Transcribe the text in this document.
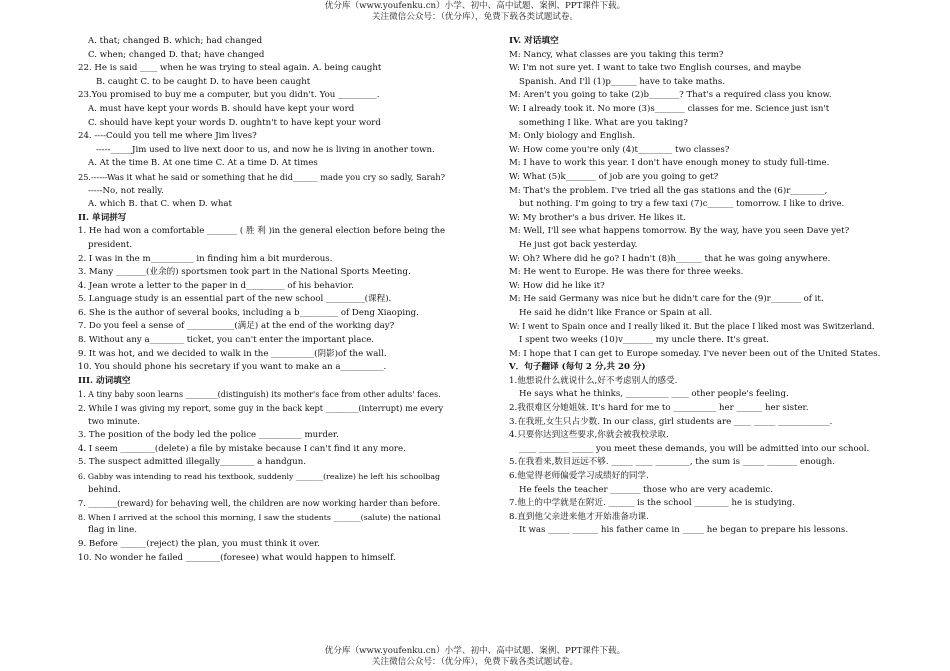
优分库（www.youfenku.cn）小学、初中、高中试题、案例、PPT课件下载。
关注微信公众号：（优分库），免费下载各类试题试卷。
A. that; changed B. which; had changed
C. when; changed D. that; have changed
22. He is said ____ when he was trying to steal again. A. being caught
B. caught C. to be caught D. to have been caught
23.You promised to buy me a computer, but you didn't. You _________.
A. must have kept your words B. should have kept your word
C. should have kept your words D. oughtn't to have kept your word
24. ----Could you tell me where Jim lives?
-----_____Jim used to live next door to us, and now he is living in another town.
A. At the time B. At one time C. At a time D. At times
25.------Was it what he said or something that he did______ made you cry so sadly, Sarah?
-----No, not really.
A. which B. that C. when D. what
II. 单词拼写
1. He had won a comfortable _______ ( 胜 利 )in the general election before being the
president.
2. I was in the m__________ in finding him a bit murderous.
3. Many _______(业余的) sportsmen took part in the National Sports Meeting.
4. Jean wrote a letter to the paper in d_________ of his behavior.
5. Language study is an essential part of the new school _________(课程).
6. She is the author of several books, including a b_________ of Deng Xiaoping.
7. Do you feel a sense of ___________(满足) at the end of the working day?
8. Without any a________ ticket, you can't enter the important place.
9. It was hot, and we decided to walk in the __________(阴影)of the wall.
10. You should phone his secretary if you want to make an a__________.
III. 动词填空
1. A tiny baby soon learns ________(distinguish) its mother's face from other adults' faces.
2. While I was giving my report, some guy in the back kept ________(interrupt) me every
two minute.
3. The position of the body led the police __________ murder.
4. I seem ________(delete) a file by mistake because I can't find it any more.
5. The suspect admitted illegally________ a handgun.
6. Gabby was intending to read his textbook, suddenly _______(realize) he left his schoolbag
behind.
7. _______(reward) for behaving well, the children are now working harder than before.
8. When I arrived at the school this morning, I saw the students _______(salute) the national
flag in line.
9. Before ______(reject) the plan, you must think it over.
10. No wonder he failed ________(foresee) what would happen to himself.
IV. 对话填空
M: Nancy, what classes are you taking this term?
W: I'm not sure yet. I want to take two English courses, and maybe
Spanish. And I'll (1)p______ have to take maths.
M: Aren't you going to take (2)b_______? That's a required class you know.
W: I already took it. No more (3)s_______ classes for me. Science just isn't
something I like. What are you taking?
M: Only biology and English.
W: How come you're only (4)t________ two classes?
M: I have to work this year. I don't have enough money to study full-time.
W: What (5)k_______ of job are you going to get?
M: That's the problem. I've tried all the gas stations and the (6)r________,
but nothing. I'm going to try a few taxi (7)c______ tomorrow. I like to drive.
W: My brother's a bus driver. He likes it.
M: Well, I'll see what happens tomorrow. By the way, have you seen Dave yet?
He just got back yesterday.
W: Oh? Where did he go? I hadn't (8)h______ that he was going anywhere.
M: He went to Europe. He was there for three weeks.
W: How did he like it?
M: He said Germany was nice but he didn't care for the (9)r_______ of it.
He said he didn't like France or Spain at all.
W: I went to Spain once and I really liked it. But the place I liked most was Switzerland.
I spent two weeks (10)v_______ my uncle there. It's great.
M: I hope that I can get to Europe someday. I've never been out of the United States.
V．句子翻译 (每句 2 分,共 20 分)
1.他想说什么就说什么,好不考虑别人的感受.
He says what he thinks, __________ ____ other people's feeling.
2.我很难区分她姐妹. It's hard for me to __________ her ______ her sister.
3.在我班,女生只占少数. In our class, girl students are ____ _____ ____________.
4.只要你达到这些要求,你就会被我校录取.
____ _______ _____ you meet these demands, you will be admitted into our school.
5.在我看来,数目远远不够. _____ ____ ________, the sum is _____ _______ enough.
6.他觉得老师偏爱学习成绩好的同学.
He feels the teacher _______ those who are very academic.
7.他上的中学就是在附近. ______ is the school ________ he is studying.
8.直到他父亲进来他才开始准备功课.
It was _____ ______ his father came in _____ he began to prepare his lessons.
优分库（www.youfenku.cn）小学、初中、高中试题、案例、PPT课件下载。
关注微信公众号：（优分库），免费下载各类试题试卷。
